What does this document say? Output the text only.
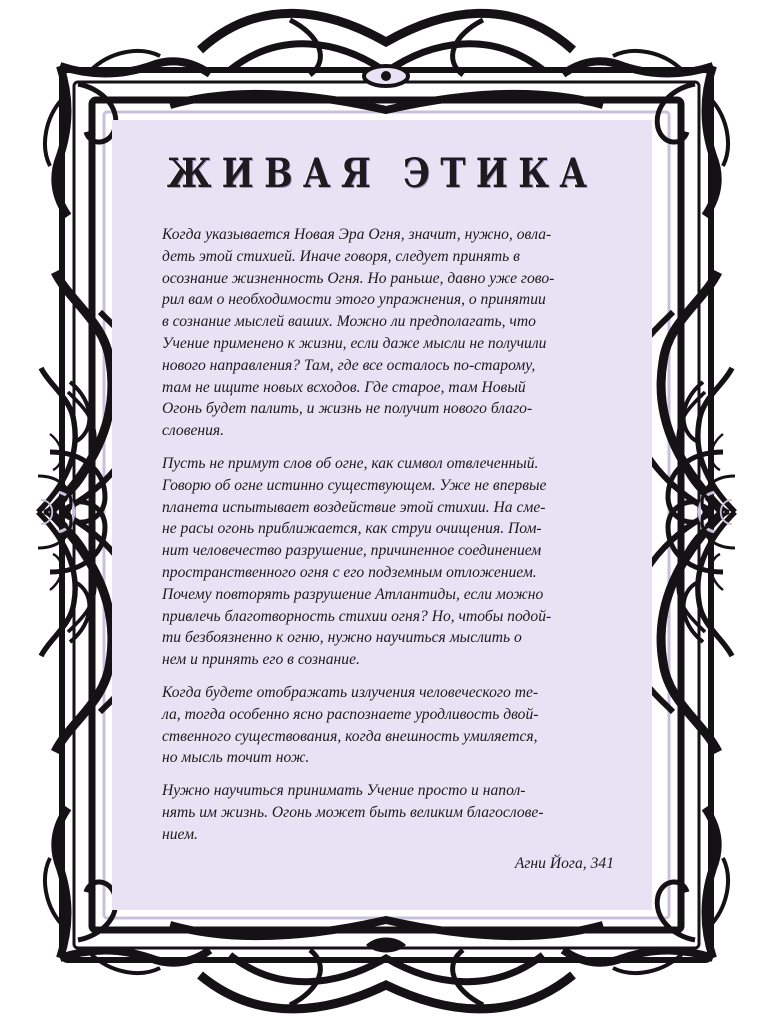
ЖИВАЯ ЭТИКА
Когда указывается Новая Эра Огня, значит, нужно, овла-
деть этой стихией. Иначе говоря, следует принять в
осознание жизненность Огня. Но раньше, давно уже гово-
рил вам о необходимости этого упражнения, о принятии
в сознание мыслей ваших. Можно ли предполагать, что
Учение применено к жизни, если даже мысли не получили
нового направления? Там, где все осталось по-старому,
там не ищите новых всходов. Где старое, там Новый
Огонь будет палить, и жизнь не получит нового благо-
словения.
Пусть не примут слов об огне, как символ отвлеченный.
Говорю об огне истинно существующем. Уже не впервые
планета испытывает воздействие этой стихии. На сме-
не расы огонь приближается, как струи очищения. Пом-
нит человечество разрушение, причиненное соединением
пространственного огня с его подземным отложением.
Почему повторять разрушение Атлантиды, если можно
привлечь благотворность стихии огня? Но, чтобы подой-
ти безбоязненно к огню, нужно научиться мыслить о
нем и принять его в сознание.
Когда будете отображать излучения человеческого те-
ла, тогда особенно ясно распознаете уродливость двой-
ственного существования, когда внешность умиляется,
но мысль точит нож.
Нужно научиться принимать Учение просто и напол-
нять им жизнь. Огонь может быть великим благослове-
нием.
Агни Йога, 341
